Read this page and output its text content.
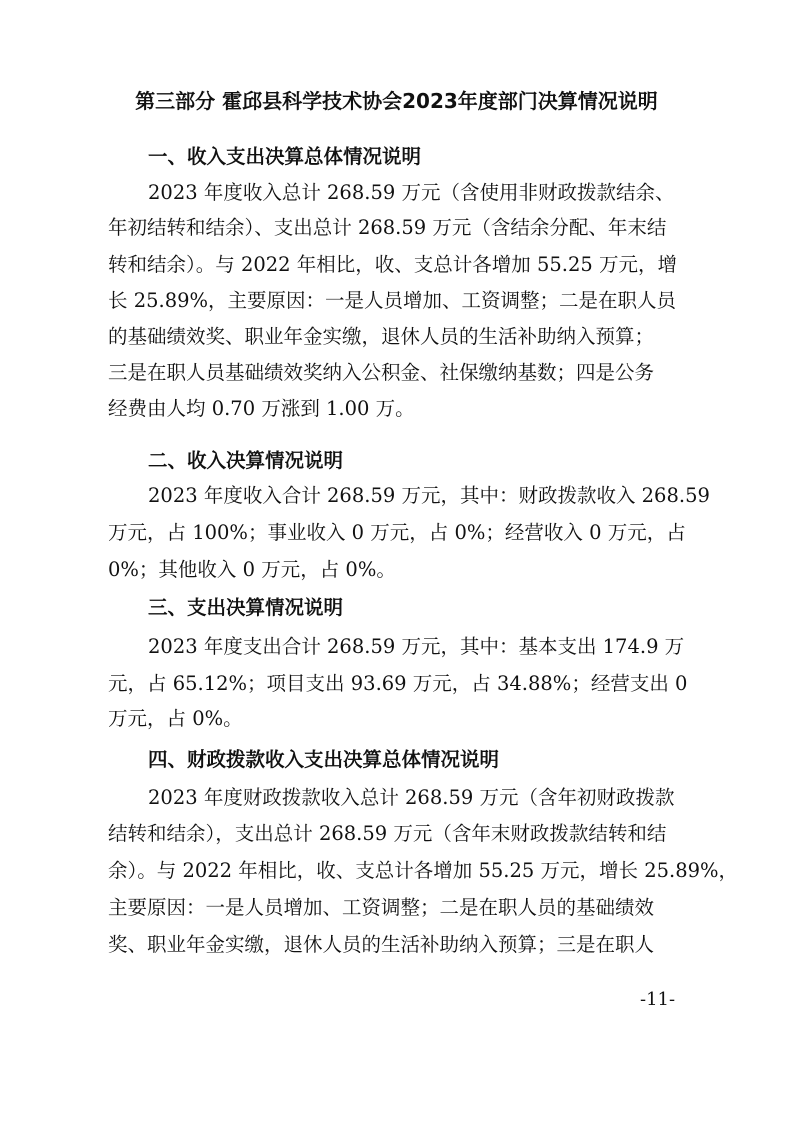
第三部分 霍邱县科学技术协会2023年度部门决算情况说明
一、收入支出决算总体情况说明
2023 年度收入总计 268.59 万元（含使用非财政拨款结余、
年初结转和结余）、支出总计 268.59 万元（含结余分配、年末结
转和结余）。与 2022 年相比，收、支总计各增加 55.25 万元，增
长 25.89%，主要原因：一是人员增加、工资调整；二是在职人员
的基础绩效奖、职业年金实缴，退休人员的生活补助纳入预算；
三是在职人员基础绩效奖纳入公积金、社保缴纳基数；四是公务
经费由人均 0.70 万涨到 1.00 万。
二、收入决算情况说明
2023 年度收入合计 268.59 万元，其中：财政拨款收入 268.59
万元，占 100%；事业收入 0 万元，占 0%；经营收入 0 万元，占
0%；其他收入 0 万元，占 0%。
三、支出决算情况说明
2023 年度支出合计 268.59 万元，其中：基本支出 174.9 万
元，占 65.12%；项目支出 93.69 万元，占 34.88%；经营支出 0
万元，占 0%。
四、财政拨款收入支出决算总体情况说明
2023 年度财政拨款收入总计 268.59 万元（含年初财政拨款
结转和结余），支出总计 268.59 万元（含年末财政拨款结转和结
余）。与 2022 年相比，收、支总计各增加 55.25 万元，增长 25.89%，
主要原因：一是人员增加、工资调整；二是在职人员的基础绩效
奖、职业年金实缴，退休人员的生活补助纳入预算；三是在职人
-11-
